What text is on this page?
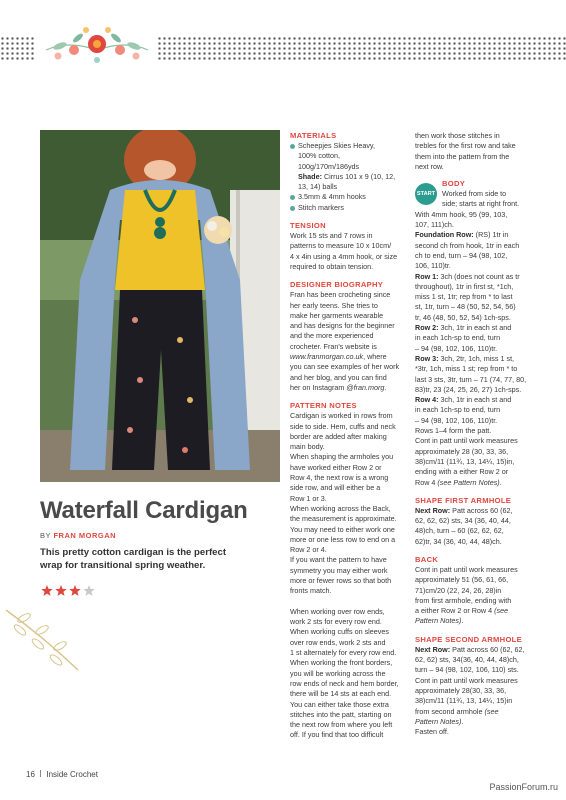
Waterfall Cardigan
BY FRAN MORGAN
This pretty cotton cardigan is the perfect wrap for transitional spring weather.
MATERIALS
Scheepjes Skies Heavy,
100% cotton,
100g/170m/186yds
Shade: Cirrus 101 x 9 (10, 12,
13, 14) balls
3.5mm & 4mm hooks
Stitch markers
TENSION
Work 15 sts and 7 rows in
patterns to measure 10 x 10cm/
4 x 4in using a 4mm hook, or size
required to obtain tension.

DESIGNER BIOGRAPHY
Fran has been crocheting since
her early teens. She tries to
make her garments wearable
and has designs for the beginner
and the more experienced
crocheter. Fran's website is

www.franmorgan.co.uk, where
you can see examples of her work
and her blog, and you can find

her on Instagram @fran.morg.
PATTERN NOTES
Cardigan is worked in rows from
side to side. Hem, cuffs and neck
border are added after making
main body.
When shaping the armholes you
have worked either Row 2 or
Row 4, the next row is a wrong
side row, and will either be a
Row 1 or 3.
When working across the Back,
the measurement is approximate.
You may need to either work one
more or one less row to end on a
Row 2 or 4.
If you want the pattern to have
symmetry you may either work
more or fewer rows so that both
fronts match.

When working over row ends,
work 2 sts for every row end.
When working cuffs on sleeves
over row ends, work 2 sts and
1 st alternately for every row end.
When working the front borders,
you will be working across the
row ends of neck and hem border,
there will be 14 sts at each end.
You can either take those extra
stitches into the patt, starting on
the next row from where you left
off. If you find that too difficult

then work those stitches in
trebles for the first row and take
them into the pattern from the
next row.

START
BODY
Worked from side to
side; starts at right front.
With 4mm hook, 95 (99, 103,
107, 111)ch.

Foundation Row: (RS) 1tr in
second ch from hook, 1tr in each
ch to end, turn – 94 (98, 102,
106, 110)tr.
Row 1: 3ch (does not count as tr
throughout), 1tr in first st, *1ch,
miss 1 st, 1tr; rep from * to last
st, 1tr, turn – 48 (50, 52, 54, 56)
tr, 46 (48, 50, 52, 54) 1ch-sps.
Row 2: 3ch, 1tr in each st and
in each 1ch-sp to end, turn
– 94 (98, 102, 106, 110)tr.
Row 3: 3ch, 2tr, 1ch, miss 1 st,
*3tr, 1ch, miss 1 st; rep from * to
last 3 sts, 3tr, turn – 71 (74, 77, 80,
83)tr, 23 (24, 25, 26, 27) 1ch-sps.
Row 4: 3ch, 1tr in each st and
in each 1ch-sp to end, turn
– 94 (98, 102, 106, 110)tr.
Rows 1–4 form the patt.
Cont in patt until work measures
approximately 28 (30, 33, 36,
38)cm/11 (11¾, 13, 14¼, 15)in,
ending with a either Row 2 or
Row 4 (see Pattern Notes).
SHAPE FIRST ARMHOLE
Next Row: Patt across 60 (62,
62, 62, 62) sts, 34 (36, 40, 44,
48)ch, turn – 60 (62, 62, 62,
62)tr, 34 (36, 40, 44, 48)ch.
BACK
Cont in patt until work measures
approximately 51 (56, 61, 66,
71)cm/20 (22, 24, 26, 28)in
from first armhole, ending with
a either Row 2 or Row 4 (see
Pattern Notes).
SHAPE SECOND ARMHOLE
Next Row: Patt across 60 (62, 62,
62, 62) sts, 34(36, 40, 44, 48)ch,
turn – 94 (98, 102, 106, 110) sts.
Cont in patt until work measures
approximately 28(30, 33, 36,
38)cm/11 (11¾, 13, 14¼, 15)in
from second armhole (see
Pattern Notes).
Fasten off.
16 Inside Crochet
PassionForum.ru
